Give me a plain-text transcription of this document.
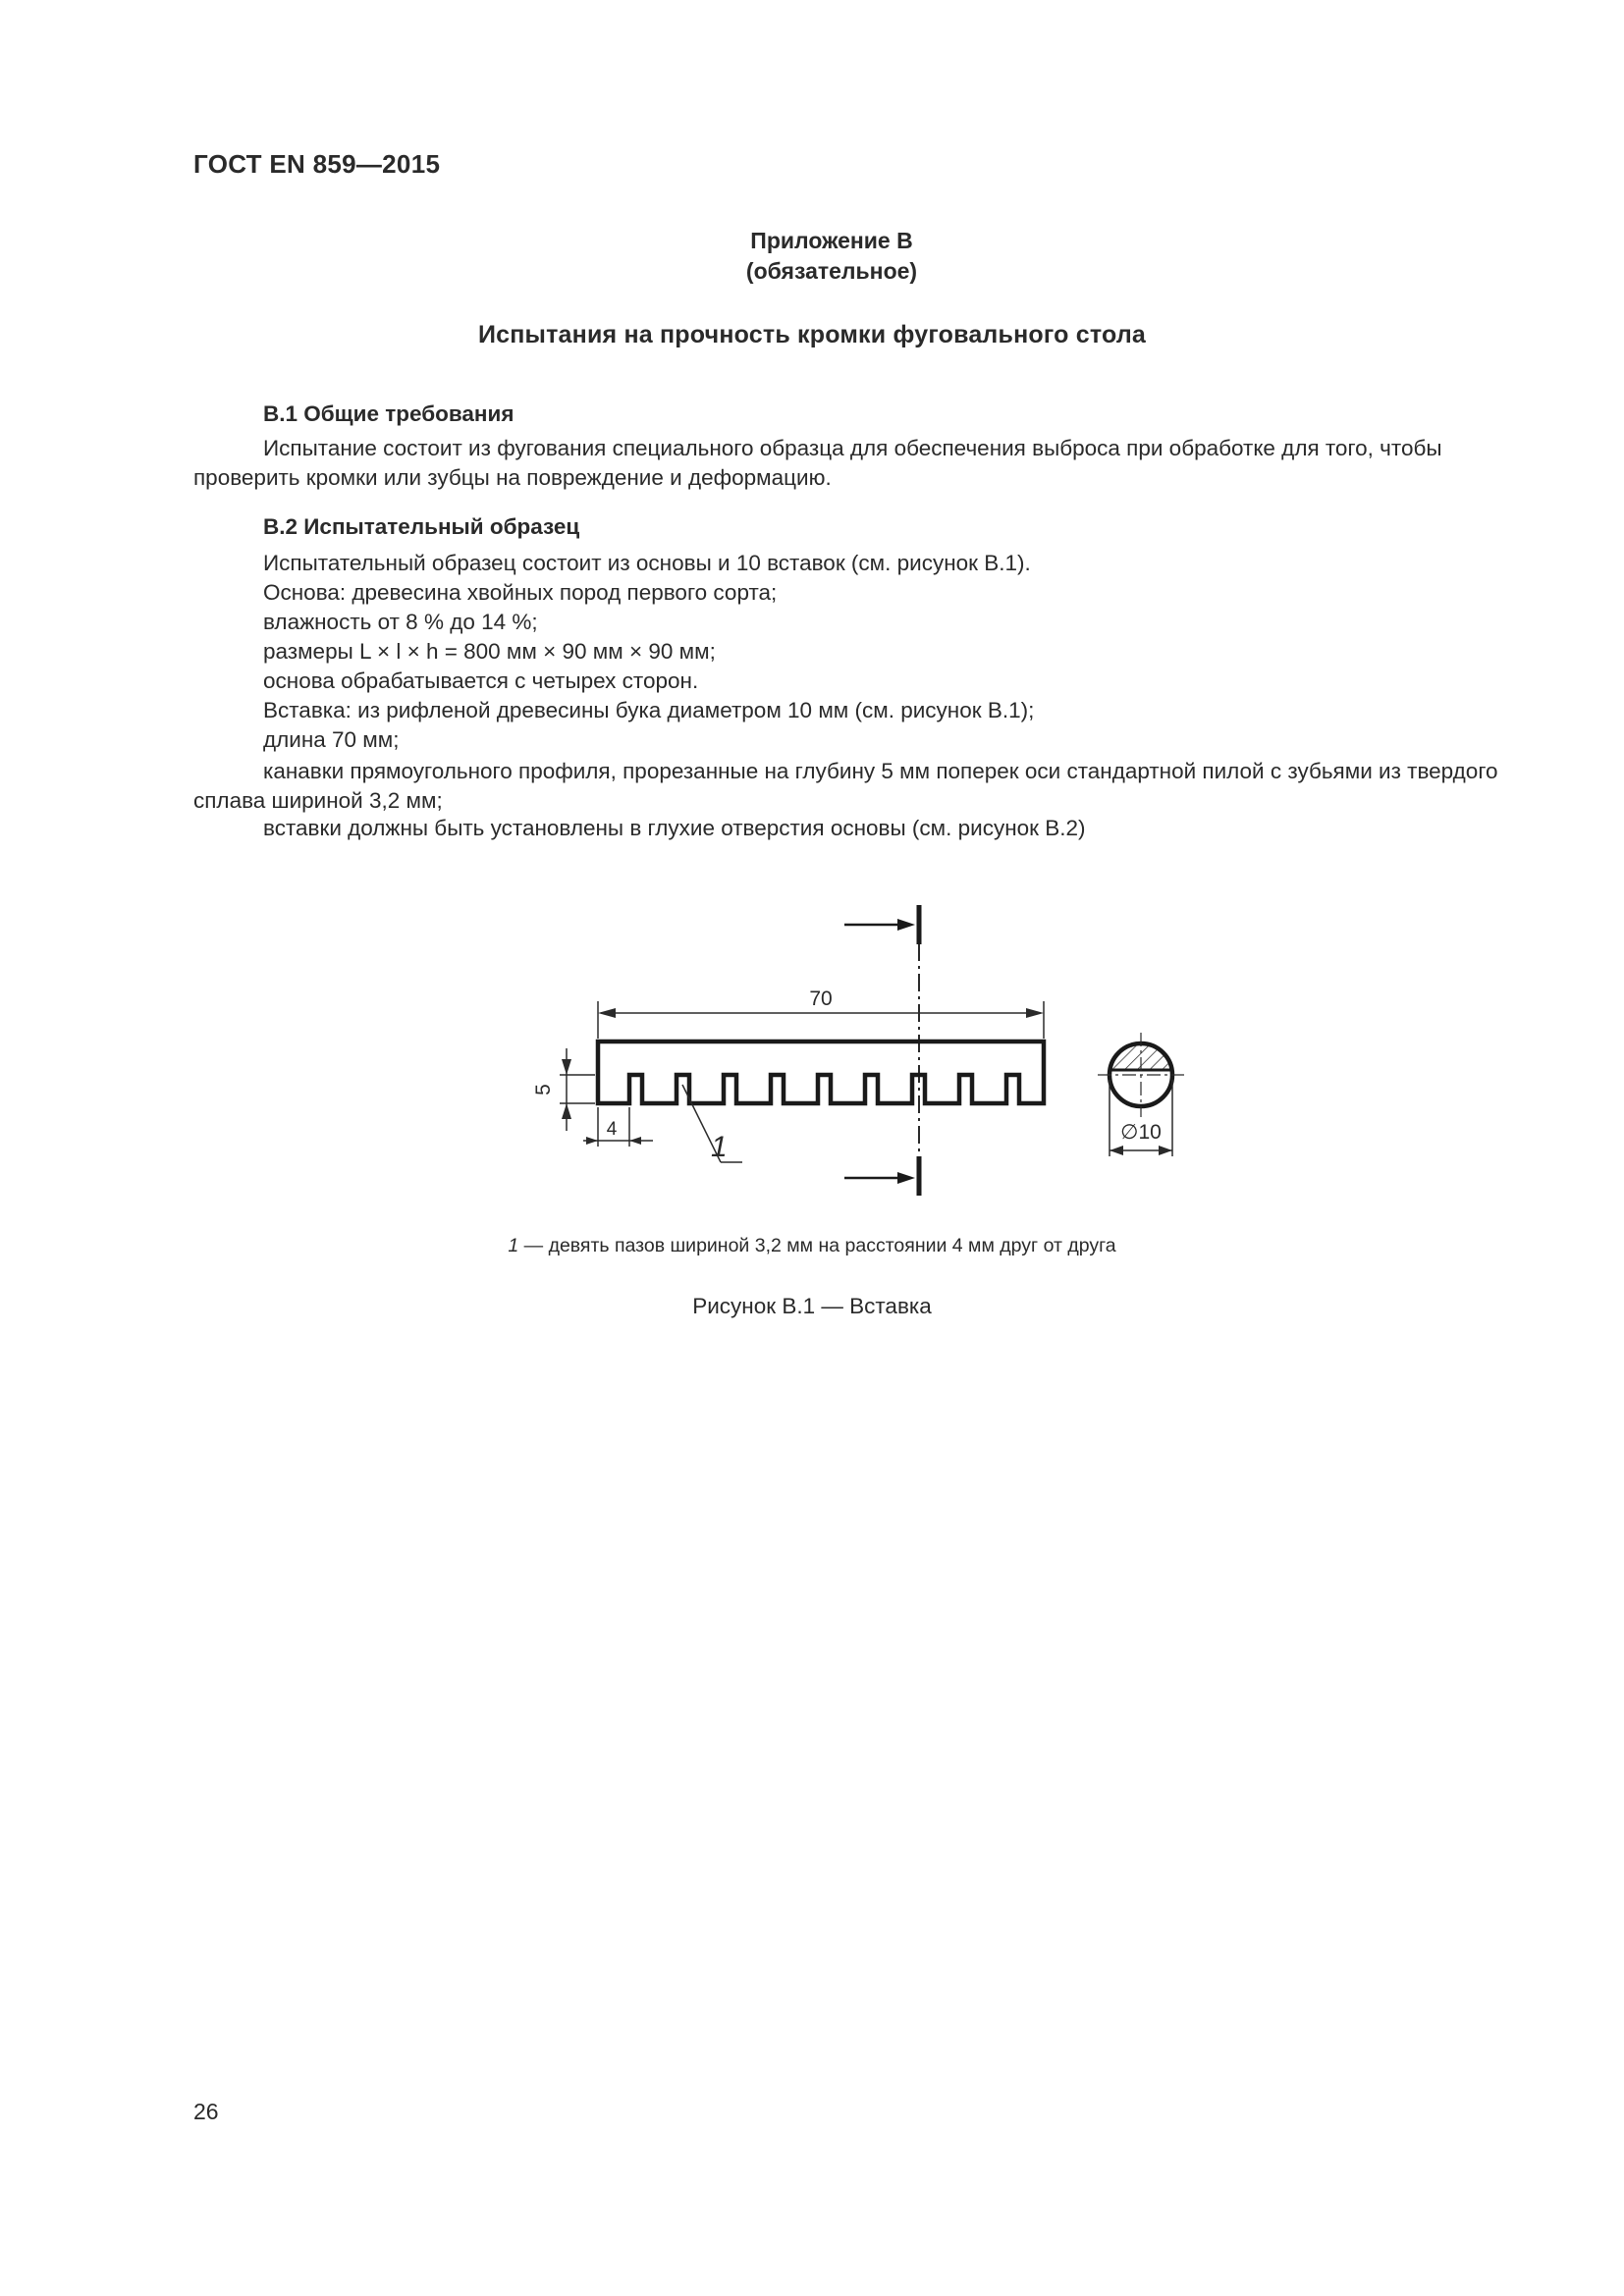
ГОСТ EN 859—2015
Приложение В
(обязательное)
Испытания на прочность кромки фуговального стола
В.1 Общие требования

Испытание состоит из фугования специального образца для обеспечения выброса при обработке для того, чтобы проверить кромки или зубцы на повреждение и деформацию.

В.2 Испытательный образец
Испытательный образец состоит из основы и 10 вставок (см. рисунок В.1).
Основа: древесина хвойных пород первого сорта;
влажность от 8 % до 14 %;
размеры L × l × h = 800 мм × 90 мм × 90 мм;
основа обрабатывается с четырех сторон.
Вставка: из рифленой древесины бука диаметром 10 мм (см. рисунок В.1);
длина 70 мм;

канавки прямоугольного профиля, прорезанные на глубину 5 мм поперек оси стандартной пилой с зубьями из твердого сплава шириной 3,2 мм;

вставки должны быть установлены в глухие отверстия основы (см. рисунок В.2)
70
5
4
1	∅10
1 — девять пазов шириной 3,2 мм на расстоянии 4 мм друг от друга
Рисунок В.1 — Вставка
26
